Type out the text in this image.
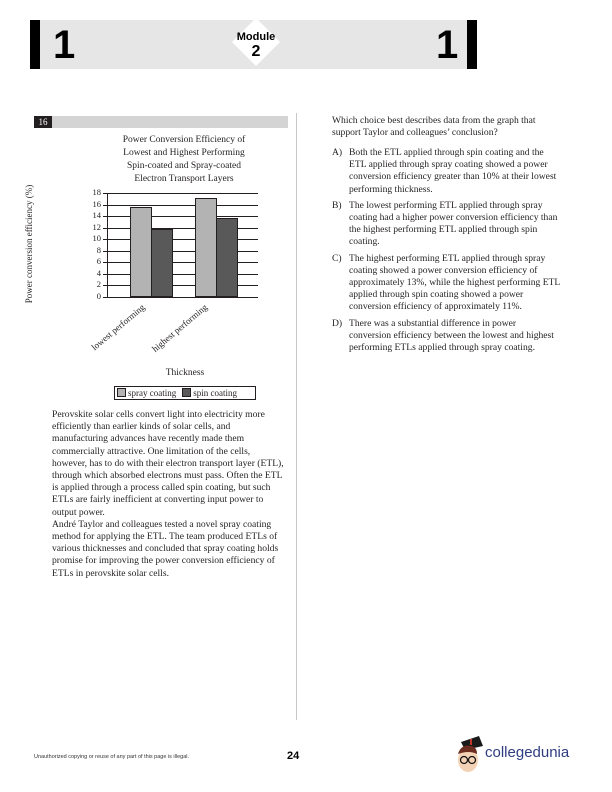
1	1
Module
2
16
Power Conversion Efficiency of
Lowest and Highest Performing
Spin-coated and Spray-coated
Electron Transport Layers
Power conversion efficiency (%)	0
2
4
6
8
10
12
14
16
18
lowest performing highest performing
Thickness
spray coating	spin coating

Perovskite solar cells convert light into electricity more efficiently than earlier kinds of solar cells, and manufacturing advances have recently made them commercially attractive. One limitation of the cells, however, has to do with their electron transport layer (ETL), through which absorbed electrons must pass. Often the ETL is applied through a process called spin coating, but such ETLs are fairly inefficient at converting input power to output power.

André Taylor and colleagues tested a novel spray coating method for applying the ETL. The team produced ETLs of various thicknesses and concluded that spray coating holds promise for improving the power conversion efficiency of ETLs in perovskite solar cells.

Which choice best describes data from the graph that support Taylor and colleagues’ conclusion?
A) Both the ETL applied through spin coating and the ETL applied through spray coating showed a power conversion efficiency greater than 10% at their lowest performing thickness.
B) The lowest performing ETL applied through spray coating had a higher power conversion efficiency than the highest performing ETL applied through spin coating.
C) The highest performing ETL applied through spray coating showed a power conversion efficiency of approximately 13%, while the highest performing ETL applied through spin coating showed a power conversion efficiency of approximately 11%.
D) There was a substantial difference in power conversion efficiency between the lowest and highest performing ETLs applied through spray coating.
Unauthorized copying or reuse of any part of this page is illegal.	24	collegedunia
